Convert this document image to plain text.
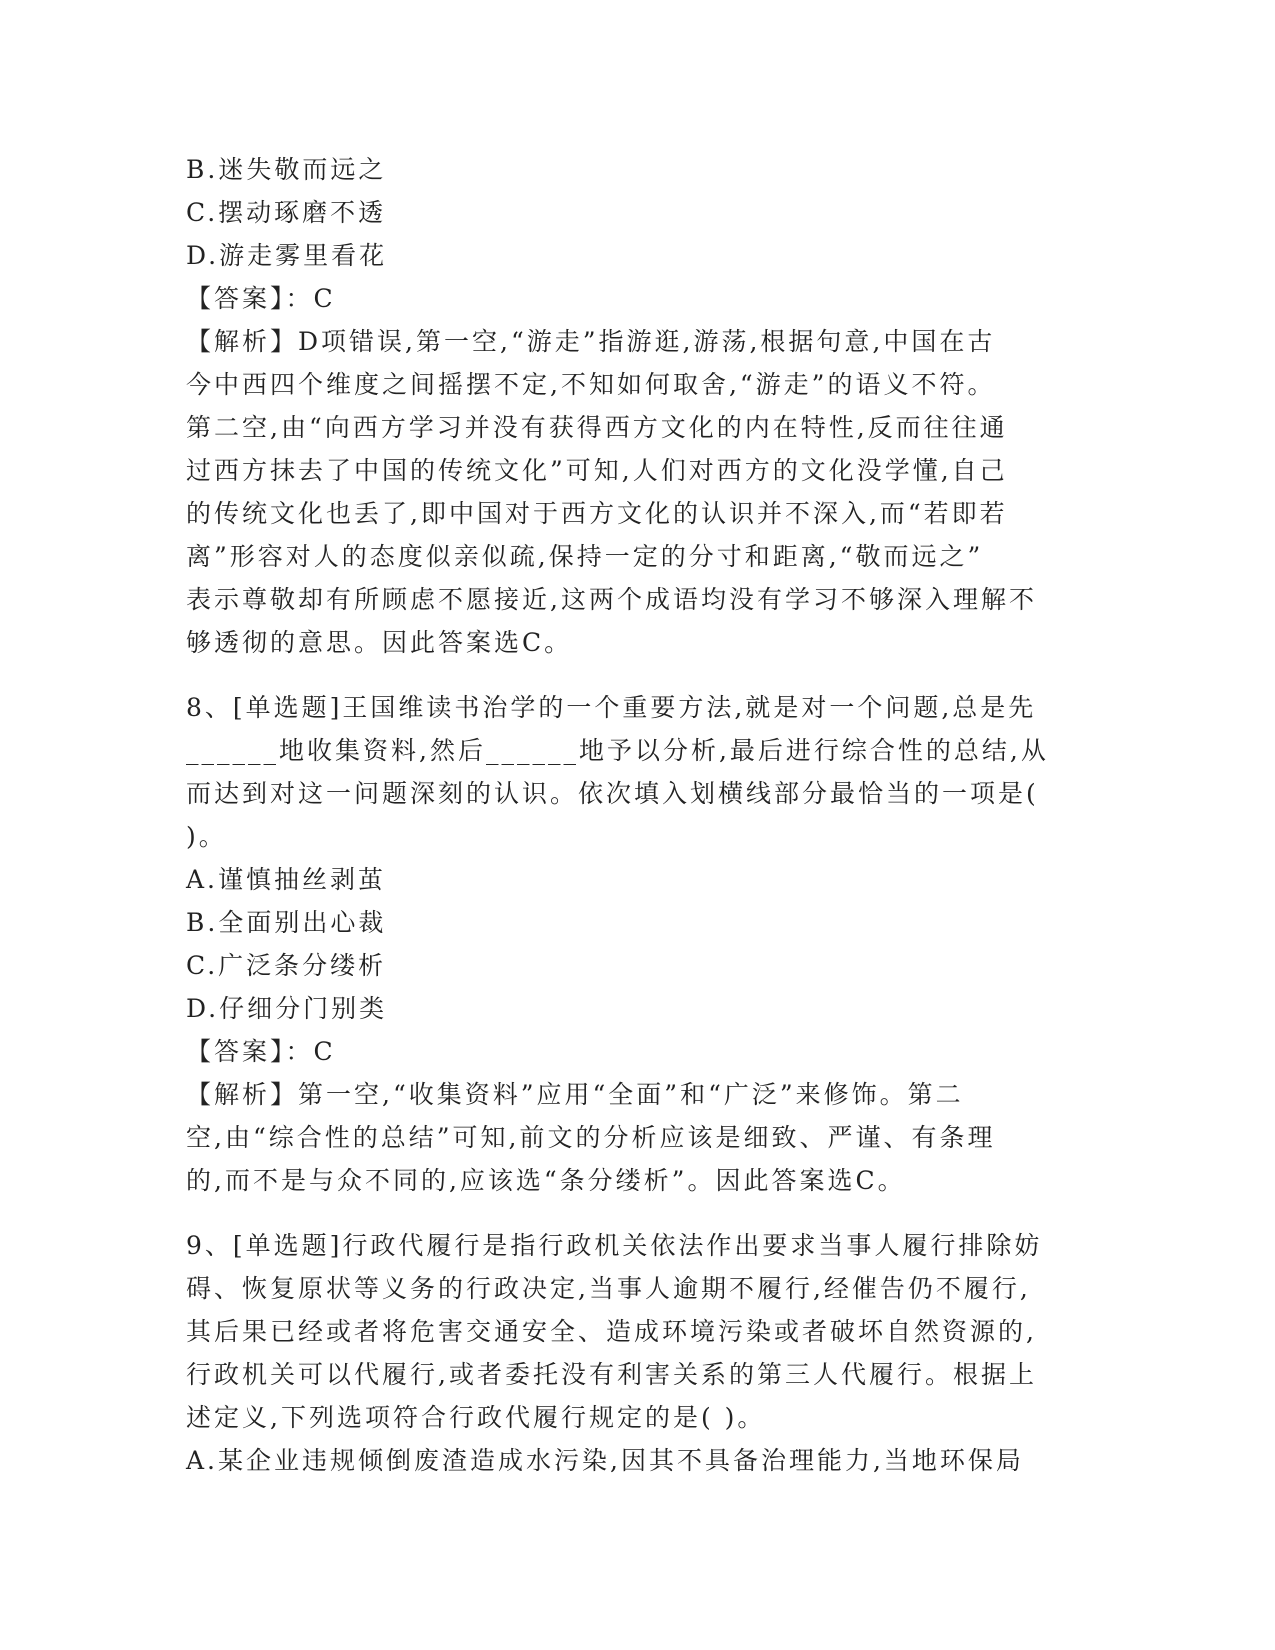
B.迷失敬而远之
C.摆动琢磨不透
D.游走雾里看花
【答案】：C
【解析】D项错误,第一空,“游走”指游逛,游荡,根据句意,中国在古
今中西四个维度之间摇摆不定,不知如何取舍,“游走”的语义不符。
第二空,由“向西方学习并没有获得西方文化的内在特性,反而往往通
过西方抹去了中国的传统文化”可知,人们对西方的文化没学懂,自己
的传统文化也丢了,即中国对于西方文化的认识并不深入,而“若即若
离”形容对人的态度似亲似疏,保持一定的分寸和距离,“敬而远之”
表示尊敬却有所顾虑不愿接近,这两个成语均没有学习不够深入理解不
够透彻的意思。因此答案选C。
8、[单选题]王国维读书治学的一个重要方法,就是对一个问题,总是先
______地收集资料,然后______地予以分析,最后进行综合性的总结,从
而达到对这一问题深刻的认识。依次填入划横线部分最恰当的一项是(
)。
A.谨慎抽丝剥茧
B.全面别出心裁
C.广泛条分缕析
D.仔细分门别类
【答案】：C
【解析】第一空,“收集资料”应用“全面”和“广泛”来修饰。第二
空,由“综合性的总结”可知,前文的分析应该是细致、严谨、有条理
的,而不是与众不同的,应该选“条分缕析”。因此答案选C。
9、[单选题]行政代履行是指行政机关依法作出要求当事人履行排除妨
碍、恢复原状等义务的行政决定,当事人逾期不履行,经催告仍不履行,
其后果已经或者将危害交通安全、造成环境污染或者破坏自然资源的,
行政机关可以代履行,或者委托没有利害关系的第三人代履行。根据上
述定义,下列选项符合行政代履行规定的是( )。
A.某企业违规倾倒废渣造成水污染,因其不具备治理能力,当地环保局
